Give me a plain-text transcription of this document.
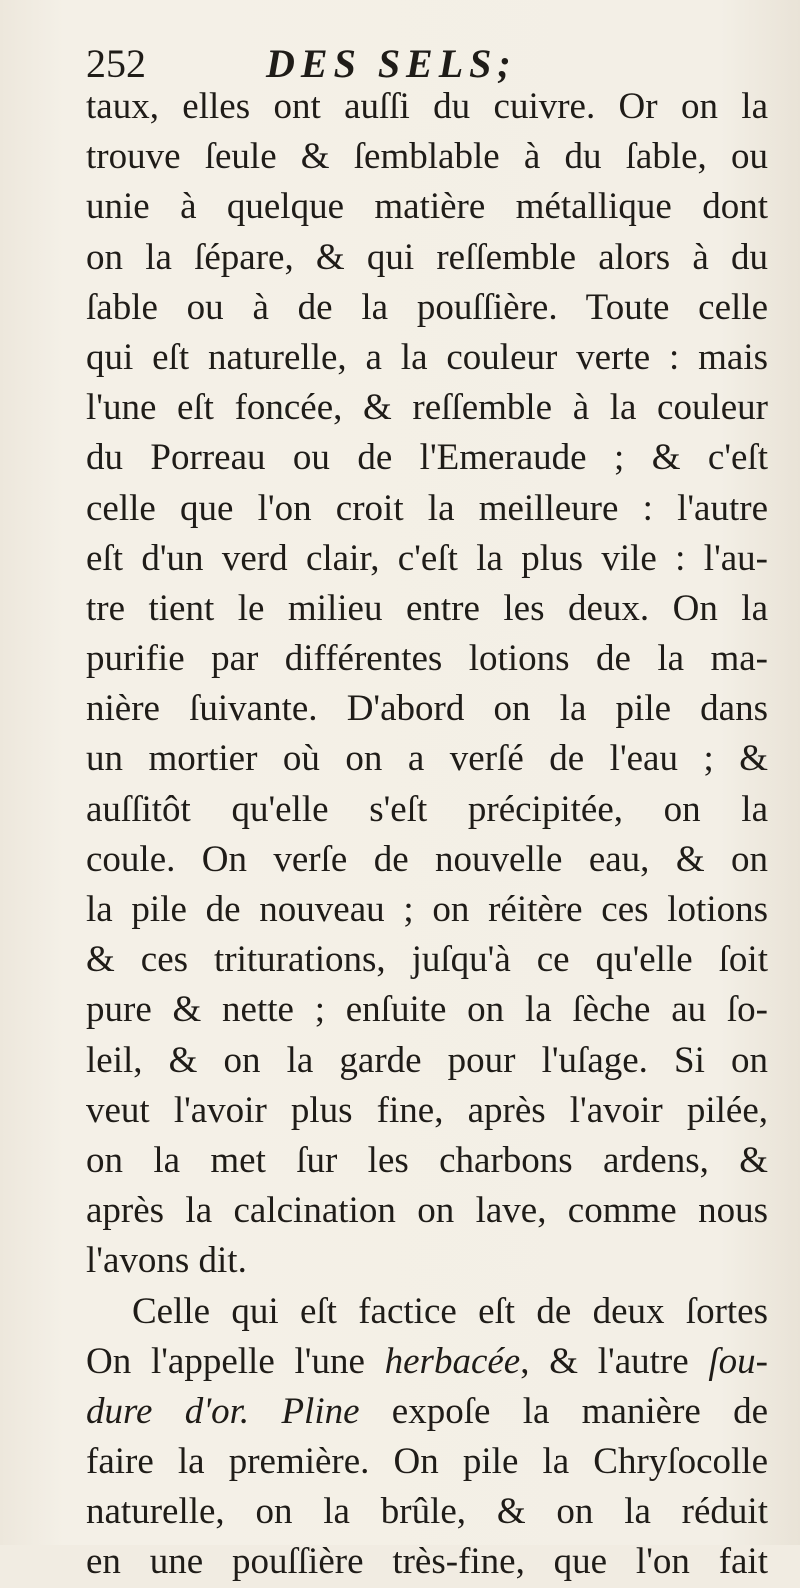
252	DES SELS;
taux, elles ont auſſi du cuivre. Or on la
trouve ſeule & ſemblable à du ſable, ou
unie à quelque matière métallique dont
on la ſépare, & qui reſſemble alors à du
ſable ou à de la pouſſière. Toute celle
qui eſt naturelle, a la couleur verte : mais
l'une eſt foncée, & reſſemble à la couleur
du Porreau ou de l'Emeraude ; & c'eſt
celle que l'on croit la meilleure : l'autre
eſt d'un verd clair, c'eſt la plus vile : l'au-
tre tient le milieu entre les deux. On la
purifie par différentes lotions de la ma-
nière ſuivante. D'abord on la pile dans
un mortier où on a verſé de l'eau ; &
auſſitôt qu'elle s'eſt précipitée, on la
coule. On verſe de nouvelle eau, & on
la pile de nouveau ; on réitère ces lotions
& ces triturations, juſqu'à ce qu'elle ſoit
pure & nette ; enſuite on la ſèche au ſo-
leil, & on la garde pour l'uſage. Si on
veut l'avoir plus fine, après l'avoir pilée,
on la met ſur les charbons ardens, &
après la calcination on lave, comme nous
l'avons dit.
Celle qui eſt factice eſt de deux ſortes
On l'appelle l'une herbacée, & l'autre ſou-
dure d'or. Pline expoſe la manière de
faire la première. On pile la Chryſocolle
naturelle, on la brûle, & on la réduit
en une pouſſière très-fine, que l'on fait
